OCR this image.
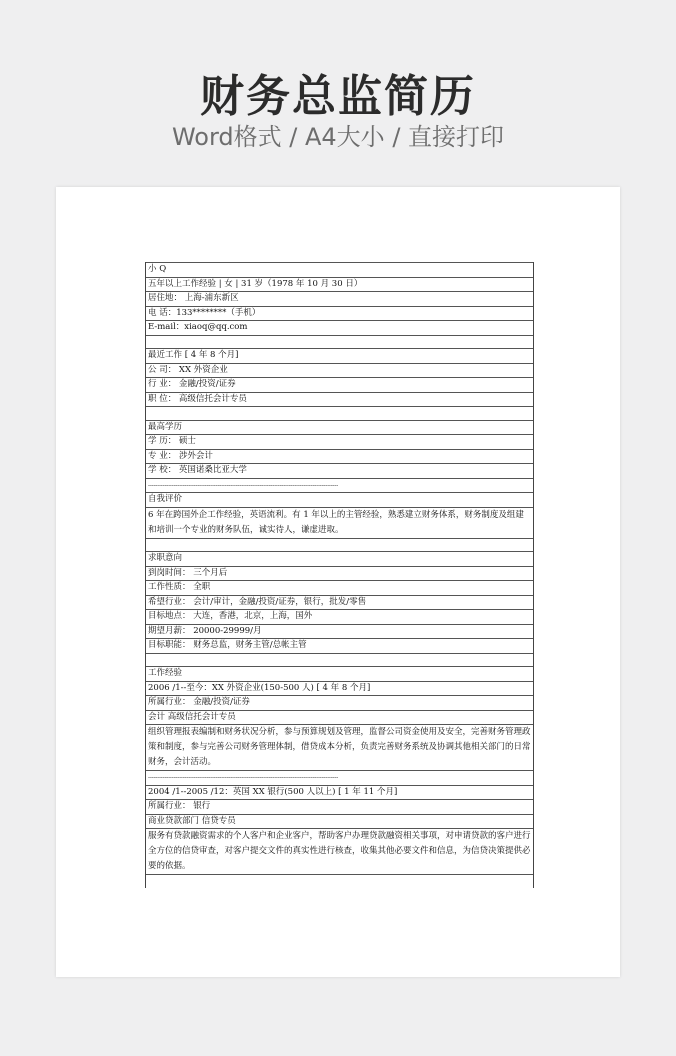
财务总监简历
Word格式 / A4大小 / 直接打印
小 Q
五年以上工作经验 | 女 | 31 岁（1978 年 10 月 30 日）
居住地： 上海-浦东新区
电 话：133********（手机）
E-mail：xiaoq@qq.com
最近工作 [ 4 年 8 个月]
公 司： XX 外资企业
行 业： 金融/投资/证券
职 位： 高级信托会计专员
最高学历
学 历： 硕士
专 业： 涉外会计
学 校： 英国诺桑比亚大学
--------------------------------------------------------------------------------------------------------
自我评价
6 年在跨国外企工作经验，英语流利。有 1 年以上的主管经验，熟悉建立财务体系，财务制度及组建和培训一个专业的财务队伍，诚实待人，谦虚进取。
求职意向
到岗时间： 三个月后
工作性质： 全职
希望行业： 会计/审计，金融/投资/证券，银行，批发/零售
目标地点： 大连，香港，北京，上海，国外
期望月薪： 20000-29999/月
目标职能： 财务总监，财务主管/总帐主管
工作经验
2006 /1--至今：XX 外资企业(150-500 人) [ 4 年 8 个月]
所属行业： 金融/投资/证券
会计 高级信托会计专员
组织管理报表编制和财务状况分析，参与预算规划及管理，监督公司资金使用及安全，完善财务管理政策和制度，参与完善公司财务管理体制，借贷成本分析，负责完善财务系统及协调其他相关部门的日常财务，会计活动。
--------------------------------------------------------------------------------------------------------
2004 /1--2005 /12：英国 XX 银行(500 人以上) [ 1 年 11 个月]
所属行业： 银行
商业贷款部门 信贷专员
服务有贷款融资需求的个人客户和企业客户，帮助客户办理贷款融资相关事项，对申请贷款的客户进行全方位的信贷审查，对客户提交文件的真实性进行核查，收集其他必要文件和信息，为信贷决策提供必要的依据。
